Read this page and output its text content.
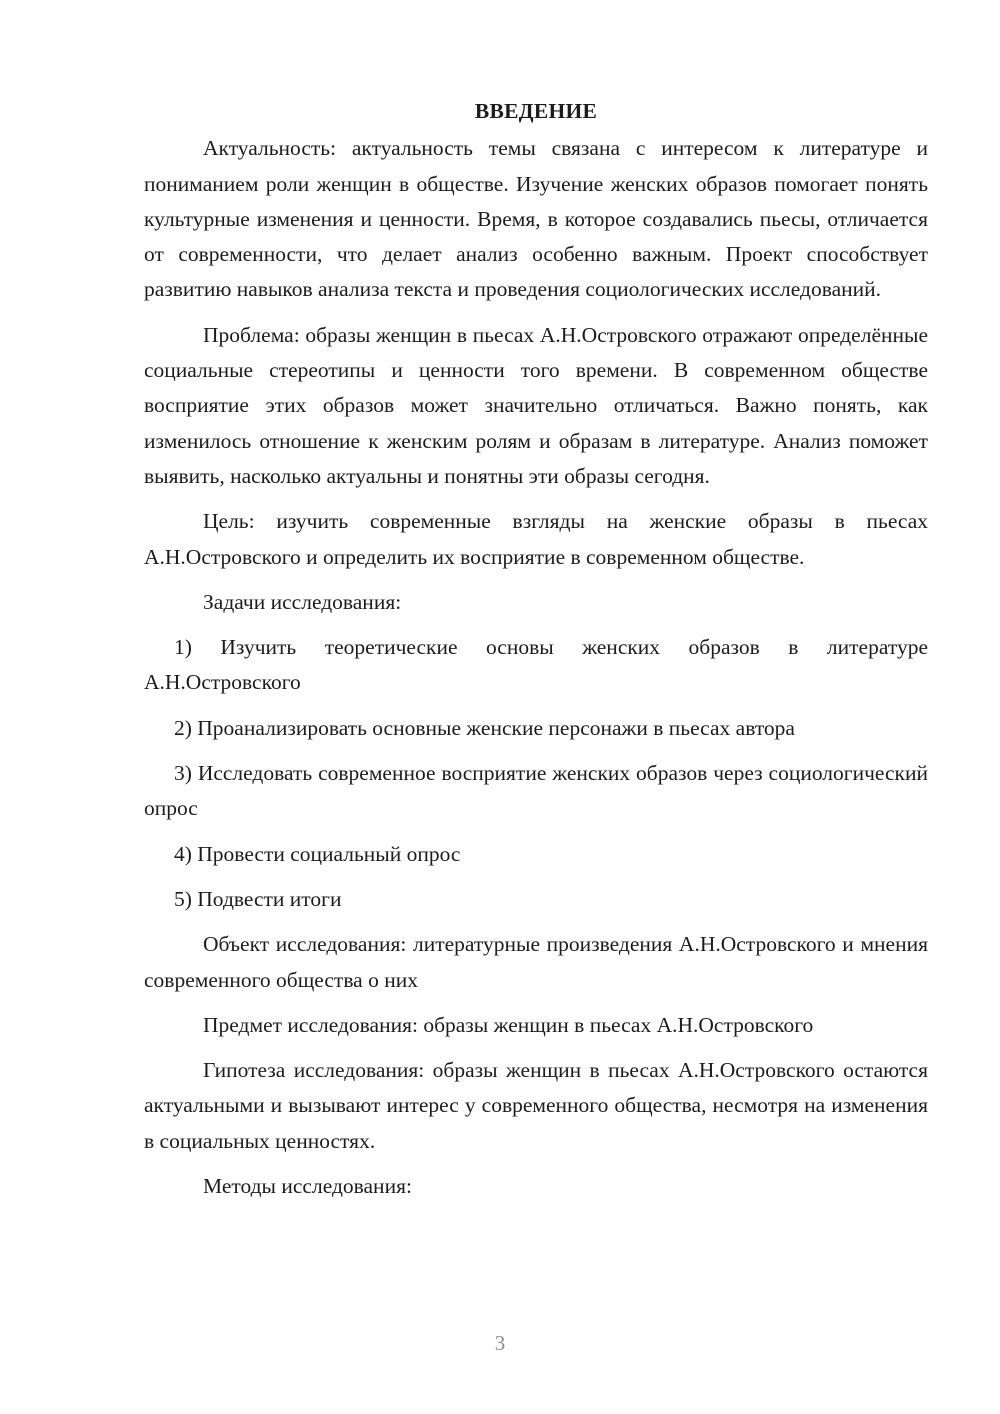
ВВЕДЕНИЕ

Актуальность: актуальность темы связана с интересом к литературе и пониманием роли женщин в обществе. Изучение женских образов помогает понять культурные изменения и ценности. Время, в которое создавались пьесы, отличается от современности, что делает анализ особенно важным. Проект способствует развитию навыков анализа текста и проведения социологических исследований.

Проблема: образы женщин в пьесах А.Н.Островского отражают определённые социальные стереотипы и ценности того времени. В современном обществе восприятие этих образов может значительно отличаться. Важно понять, как изменилось отношение к женским ролям и образам в литературе. Анализ поможет выявить, насколько актуальны и понятны эти образы сегодня.

Цель: изучить современные взгляды на женские образы в пьесах А.Н.Островского и определить их восприятие в современном обществе.

Задачи исследования:

1) Изучить теоретические основы женских образов в литературе А.Н.Островского

2) Проанализировать основные женские персонажи в пьесах автора

3) Исследовать современное восприятие женских образов через социологический опрос

4) Провести социальный опрос

5) Подвести итоги

Объект исследования: литературные произведения А.Н.Островского и мнения современного общества о них

Предмет исследования: образы женщин в пьесах А.Н.Островского

Гипотеза исследования: образы женщин в пьесах А.Н.Островского остаются актуальными и вызывают интерес у современного общества, несмотря на изменения в социальных ценностях.

Методы исследования:

3
